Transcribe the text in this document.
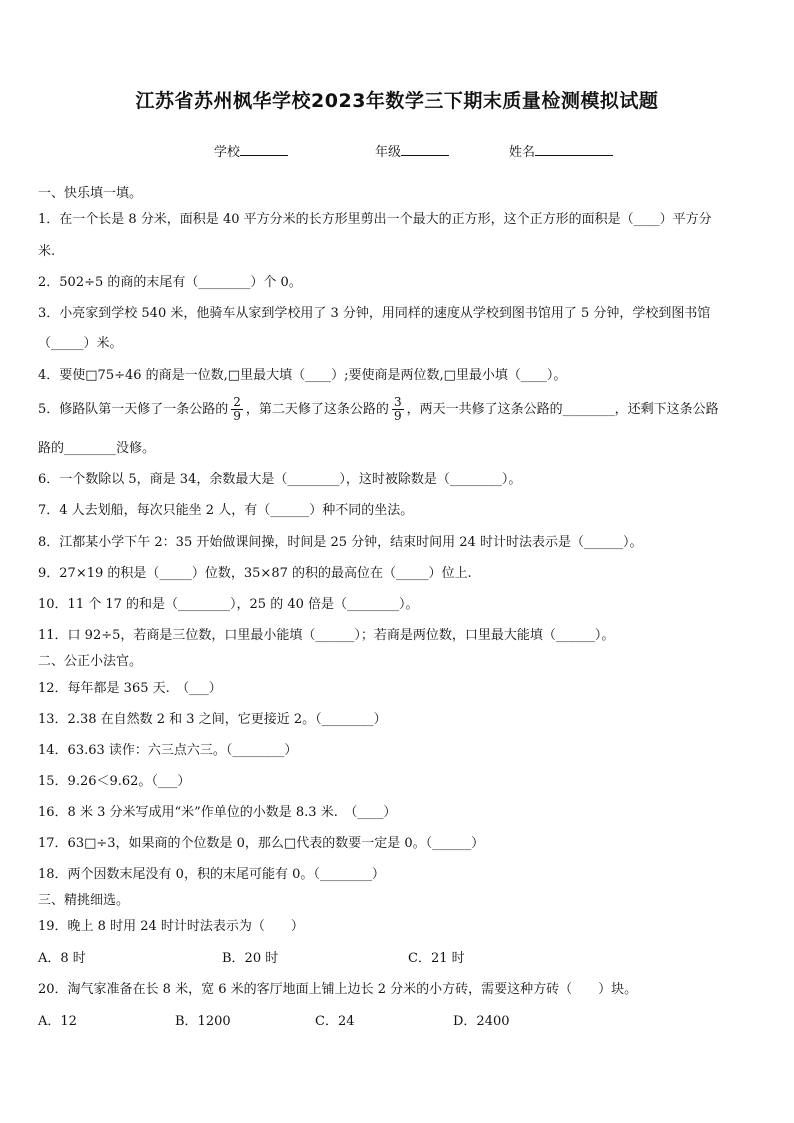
江苏省苏州枫华学校2023年数学三下期末质量检测模拟试题
学校	年级	姓名
一、快乐填一填。
1．在一个长是 8 分米，面积是 40 平方分米的长方形里剪出一个最大的正方形，这个正方形的面积是（____）平方分
米.
2．502÷5 的商的末尾有（________）个 0。
3．小亮家到学校 540 米，他骑车从家到学校用了 3 分钟，用同样的速度从学校到图书馆用了 5 分钟，学校到图书馆
（_____）米。
4．要使□75÷46 的商是一位数,□里最大填（____）;要使商是两位数,□里最小填（____）。
5．修路队第一天修了一条公路的 $\frac{2}{9}$ ，第二天修了这条公路的 $\frac{3}{9}$ ，两天一共修了这条公路的________，还剩下这条公路
路的________没修。
6．一个数除以 5，商是 34，余数最大是（________），这时被除数是（________）。
7．4 人去划船，每次只能坐 2 人，有（______）种不同的坐法。
8．江都某小学下午 2：35 开始做课间操，时间是 25 分钟，结束时间用 24 时计时法表示是（______）。
9．27×19 的积是（_____）位数，35×87 的积的最高位在（_____）位上.
10．11 个 17 的和是（________），25 的 40 倍是（________）。
11．口 92÷5，若商是三位数，口里最小能填（______）；若商是两位数，口里最大能填（______）。
二、公正小法官。
12．每年都是 365 天.　（___）
13．2.38 在自然数 2 和 3 之间，它更接近 2。（________）
14．63.63 读作：六三点六三。（________）
15．9.26＜9.62。（___）
16．8 米 3 分米写成用“米”作单位的小数是 8.3 米.　（____）
17．63□÷3，如果商的个位数是 0，那么□代表的数要一定是 0。（______）
18．两个因数末尾没有 0，积的末尾可能有 0。（________）
三、精挑细选。
19．晚上 8 时用 24 时计时法表示为（　　）
A．8 时	B．20 时	C．21 时
20．淘气家准备在长 8 米，宽 6 米的客厅地面上铺上边长 2 分米的小方砖，需要这种方砖（　　）块。
A．12	B．1200	C．24	D．2400
